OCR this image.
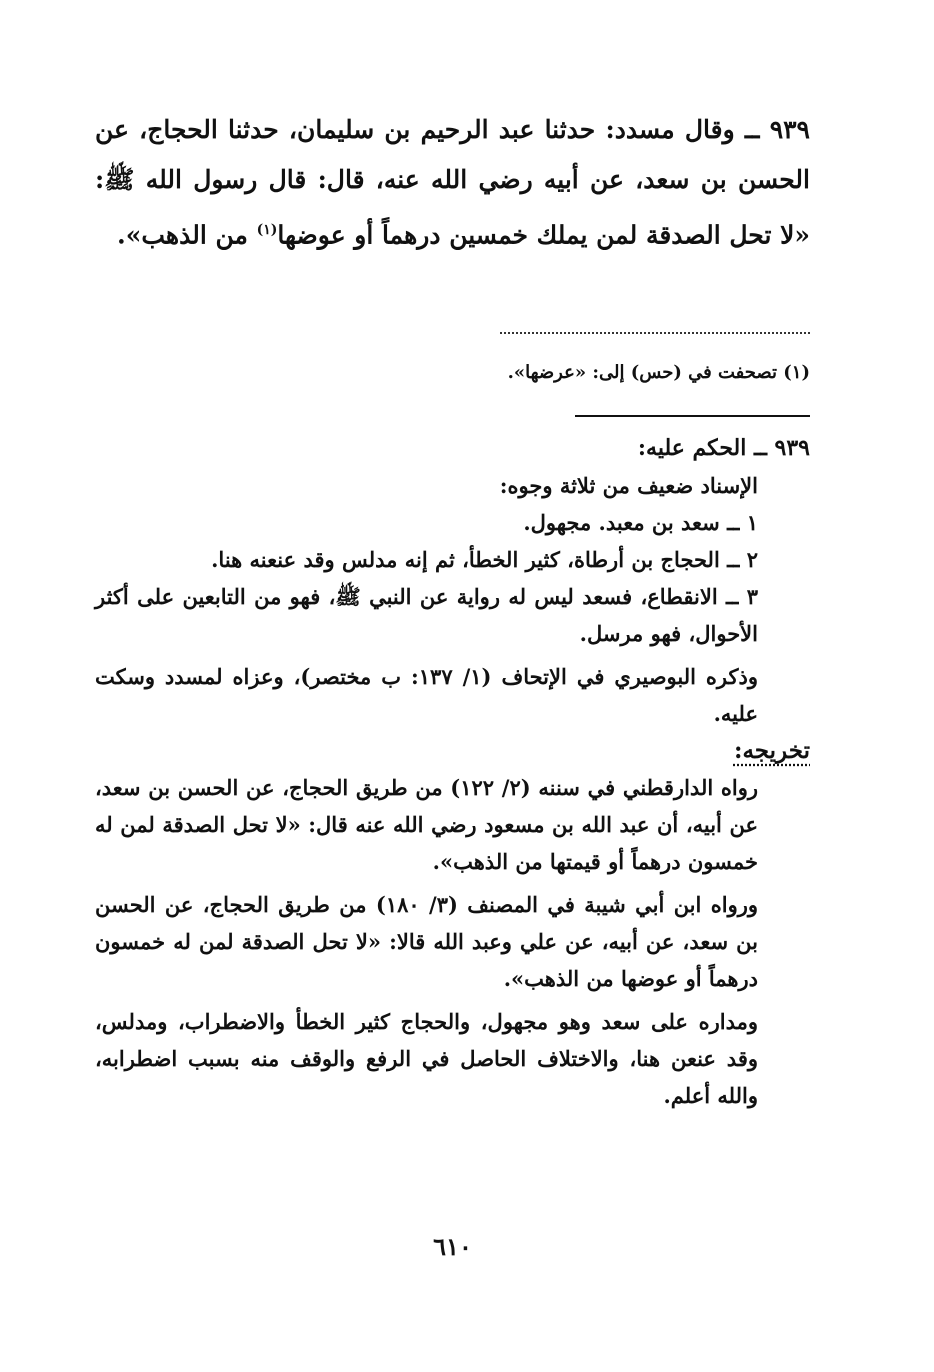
٩٣٩ ــ وقال مسدد: حدثنا عبد الرحيم بن سليمان، حدثنا الحجاج، عن الحسن بن سعد، عن أبيه رضي الله عنه، قال: قال رسول الله ﷺ: «لا تحل الصدقة لمن يملك خمسين درهماً أو عوضها$^{(١)}$ من الذهب».
(١) تصحفت في (حس) إلى: «عرضها».

٩٣٩ ــ الحكم عليه:

الإسناد ضعيف من ثلاثة وجوه:

١ ــ سعد بن معبد. مجهول.

٢ ــ الحجاج بن أرطاة، كثير الخطأ، ثم إنه مدلس وقد عنعنه هنا.

٣ ــ الانقطاع، فسعد ليس له رواية عن النبي ﷺ، فهو من التابعين على أكثر الأحوال، فهو مرسل.

وذكره البوصيري في الإتحاف (١/ ١٣٧: ب مختصر)، وعزاه لمسدد وسكت عليه.

تخريجه:

رواه الدارقطني في سننه (٢/ ١٢٢) من طريق الحجاج، عن الحسن بن سعد، عن أبيه، أن عبد الله بن مسعود رضي الله عنه قال: «لا تحل الصدقة لمن له خمسون درهماً أو قيمتها من الذهب».

ورواه ابن أبي شيبة في المصنف (٣/ ١٨٠) من طريق الحجاج، عن الحسن بن سعد، عن أبيه، عن علي وعبد الله قالا: «لا تحل الصدقة لمن له خمسون درهماً أو عوضها من الذهب».

ومداره على سعد وهو مجهول، والحجاج كثير الخطأ والاضطراب، ومدلس، وقد عنعن هنا، والاختلاف الحاصل في الرفع والوقف منه بسبب اضطرابه، والله أعلم.

٦١٠
